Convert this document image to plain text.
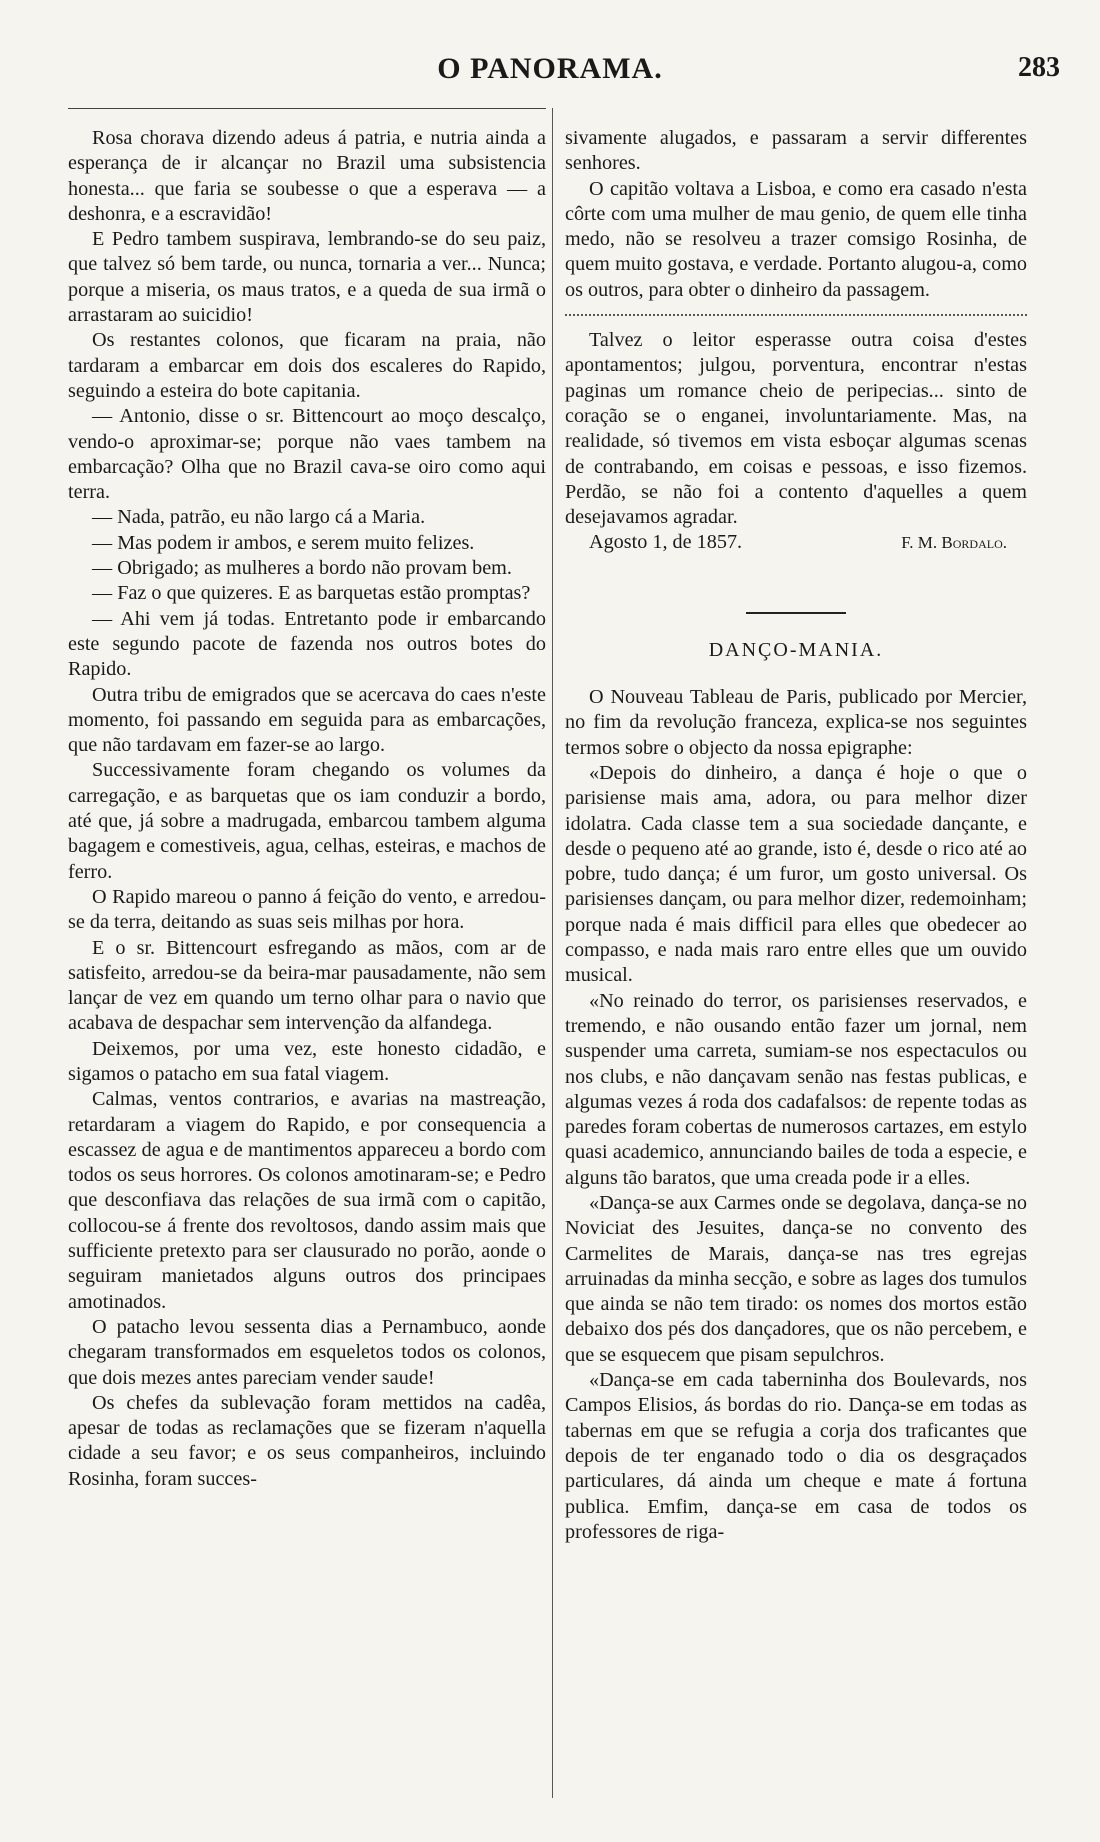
O PANORAMA.	283

Rosa chorava dizendo adeus á patria, e nutria ainda a esperança de ir alcançar no Brazil uma subsistencia honesta... que faria se soubesse o que a esperava — a deshonra, e a escravidão!

E Pedro tambem suspirava, lembrando-se do seu paiz, que talvez só bem tarde, ou nunca, tornaria a ver... Nunca; porque a miseria, os maus tratos, e a queda de sua irmã o arrastaram ao suicidio!

Os restantes colonos, que ficaram na praia, não tardaram a embarcar em dois dos escaleres do Rapido, seguindo a esteira do bote capitania.

— Antonio, disse o sr. Bittencourt ao moço descalço, vendo-o aproximar-se; porque não vaes tambem na embarcação? Olha que no Brazil cava-se oiro como aqui terra.

— Nada, patrão, eu não largo cá a Maria.

— Mas podem ir ambos, e serem muito felizes.

— Obrigado; as mulheres a bordo não provam bem.

— Faz o que quizeres. E as barquetas estão promptas?

— Ahi vem já todas. Entretanto pode ir embarcando este segundo pacote de fazenda nos outros botes do Rapido.

Outra tribu de emigrados que se acercava do caes n'este momento, foi passando em seguida para as embarcações, que não tardavam em fazer-se ao largo.

Successivamente foram chegando os volumes da carregação, e as barquetas que os iam conduzir a bordo, até que, já sobre a madrugada, embarcou tambem alguma bagagem e comestiveis, agua, celhas, esteiras, e machos de ferro.

O Rapido mareou o panno á feição do vento, e arredou-se da terra, deitando as suas seis milhas por hora.

E o sr. Bittencourt esfregando as mãos, com ar de satisfeito, arredou-se da beira-mar pausadamente, não sem lançar de vez em quando um terno olhar para o navio que acabava de despachar sem intervenção da alfandega.

Deixemos, por uma vez, este honesto cidadão, e sigamos o patacho em sua fatal viagem.

Calmas, ventos contrarios, e avarias na mastreação, retardaram a viagem do Rapido, e por consequencia a escassez de agua e de mantimentos appareceu a bordo com todos os seus horrores. Os colonos amotinaram-se; e Pedro que desconfiava das relações de sua irmã com o capitão, collocou-se á frente dos revoltosos, dando assim mais que sufficiente pretexto para ser clausurado no porão, aonde o seguiram manietados alguns outros dos principaes amotinados.

O patacho levou sessenta dias a Pernambuco, aonde chegaram transformados em esqueletos todos os colonos, que dois mezes antes pareciam vender saude!

Os chefes da sublevação foram mettidos na cadêa, apesar de todas as reclamações que se fizeram n'aquella cidade a seu favor; e os seus companheiros, incluindo Rosinha, foram succes-

sivamente alugados, e passaram a servir differentes senhores.

O capitão voltava a Lisboa, e como era casado n'esta côrte com uma mulher de mau genio, de quem elle tinha medo, não se resolveu a trazer comsigo Rosinha, de quem muito gostava, e verdade. Portanto alugou-a, como os outros, para obter o dinheiro da passagem.

Talvez o leitor esperasse outra coisa d'estes apontamentos; julgou, porventura, encontrar n'estas paginas um romance cheio de peripecias... sinto de coração se o enganei, involuntariamente. Mas, na realidade, só tivemos em vista esboçar algumas scenas de contrabando, em coisas e pessoas, e isso fizemos. Perdão, se não foi a contento d'aquelles a quem desejavamos agradar.

Agosto 1, de 1857.	F. M. Bordalo.
DANÇO-MANIA.

O Nouveau Tableau de Paris, publicado por Mercier, no fim da revolução franceza, explica-se nos seguintes termos sobre o objecto da nossa epigraphe:

«Depois do dinheiro, a dança é hoje o que o parisiense mais ama, adora, ou para melhor dizer idolatra. Cada classe tem a sua sociedade dançante, e desde o pequeno até ao grande, isto é, desde o rico até ao pobre, tudo dança; é um furor, um gosto universal. Os parisienses dançam, ou para melhor dizer, redemoinham; porque nada é mais difficil para elles que obedecer ao compasso, e nada mais raro entre elles que um ouvido musical.

«No reinado do terror, os parisienses reservados, e tremendo, e não ousando então fazer um jornal, nem suspender uma carreta, sumiam-se nos espectaculos ou nos clubs, e não dançavam senão nas festas publicas, e algumas vezes á roda dos cadafalsos: de repente todas as paredes foram cobertas de numerosos cartazes, em estylo quasi academico, annunciando bailes de toda a especie, e alguns tão baratos, que uma creada pode ir a elles.

«Dança-se aux Carmes onde se degolava, dança-se no Noviciat des Jesuites, dança-se no convento des Carmelites de Marais, dança-se nas tres egrejas arruinadas da minha secção, e sobre as lages dos tumulos que ainda se não tem tirado: os nomes dos mortos estão debaixo dos pés dos dançadores, que os não percebem, e que se esquecem que pisam sepulchros.

«Dança-se em cada taberninha dos Boulevards, nos Campos Elisios, ás bordas do rio. Dança-se em todas as tabernas em que se refugia a corja dos traficantes que depois de ter enganado todo o dia os desgraçados particulares, dá ainda um cheque e mate á fortuna publica. Emfim, dança-se em casa de todos os professores de riga-
